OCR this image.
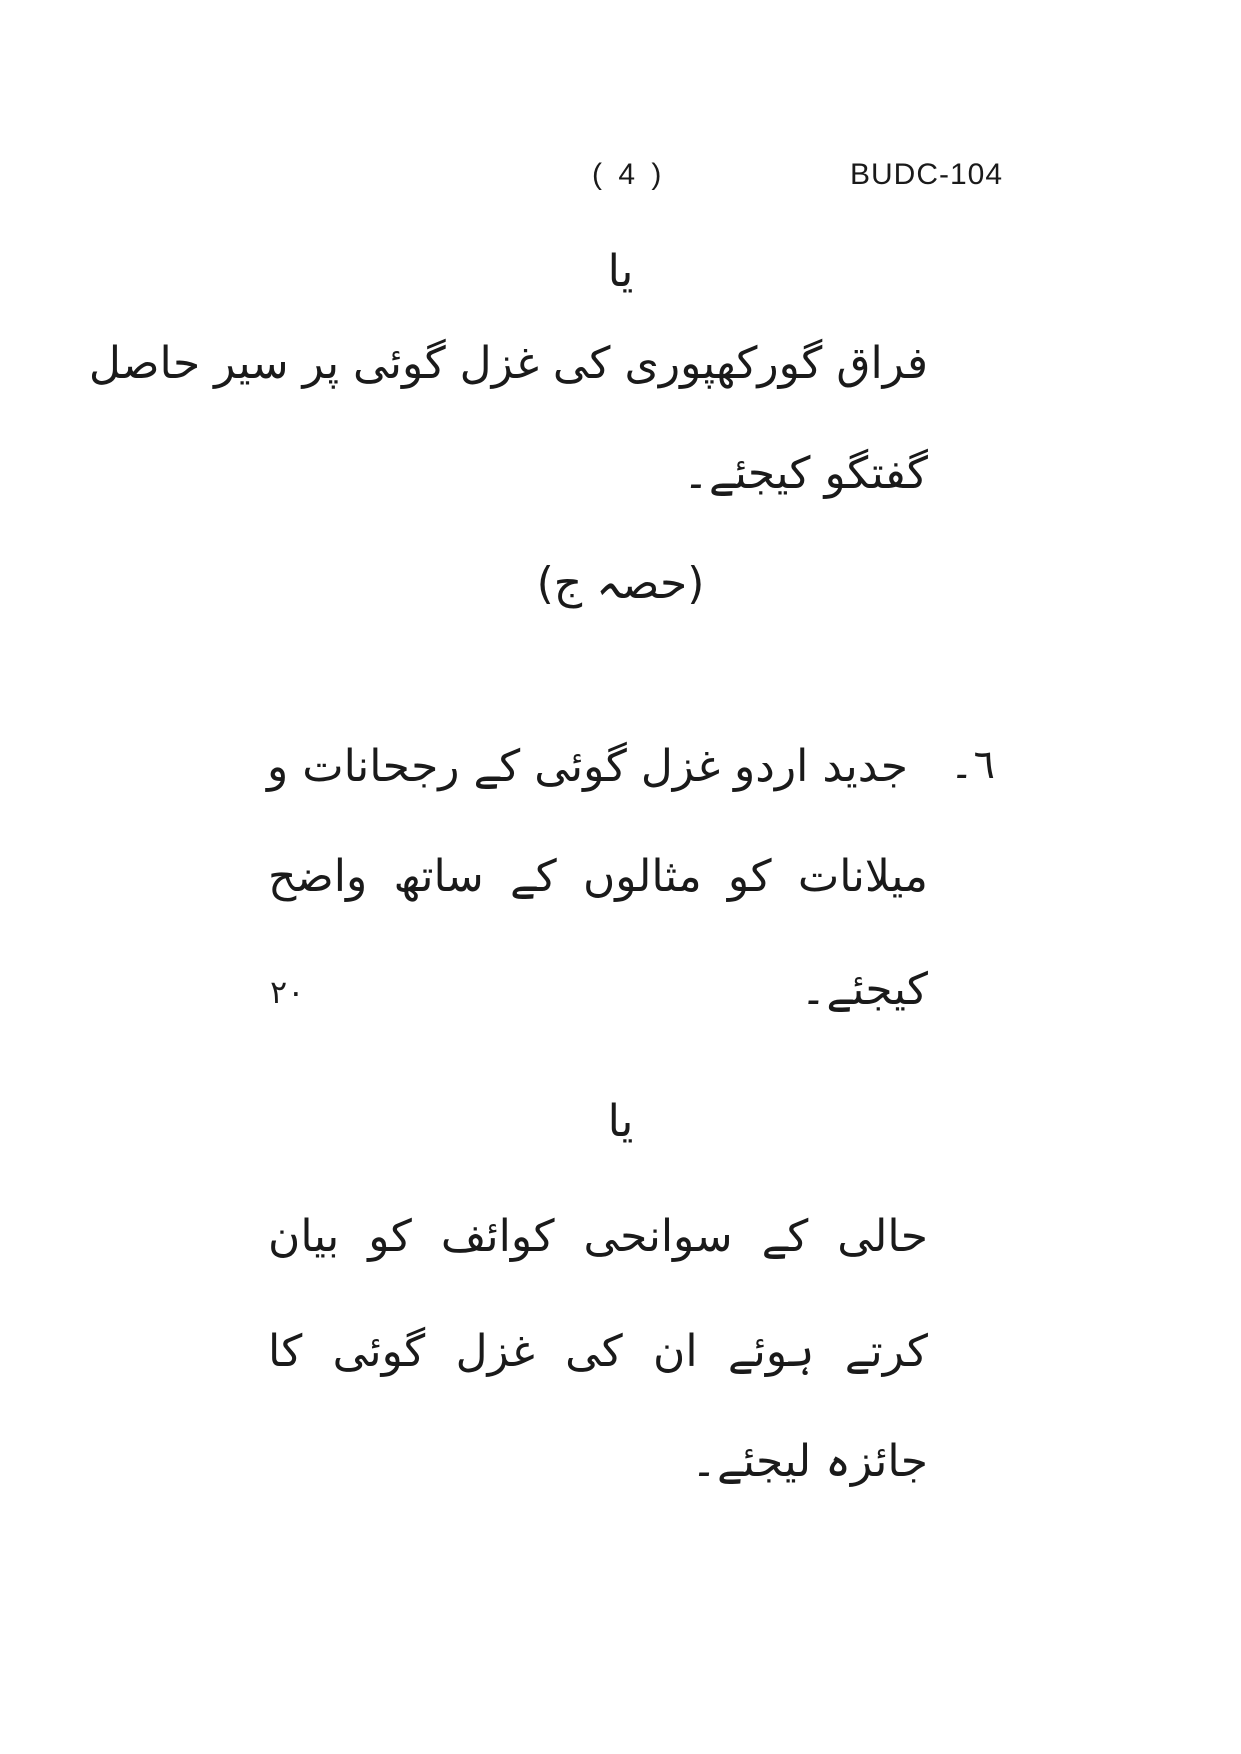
( 4 )	BUDC-104
یا
فراق گورکھپوری کی غزل گوئی پر سیر حاصل
گفتگو کیجئے۔
(حصہ ج)
٦۔
جدید اردو غزل گوئی کے رجحانات و
میلانات کو مثالوں کے ساتھ واضح
کیجئے۔
٢٠
یا
حالی کے سوانحی کوائف کو بیان
کرتے ہوئے ان کی غزل گوئی کا
جائزہ لیجئے۔
